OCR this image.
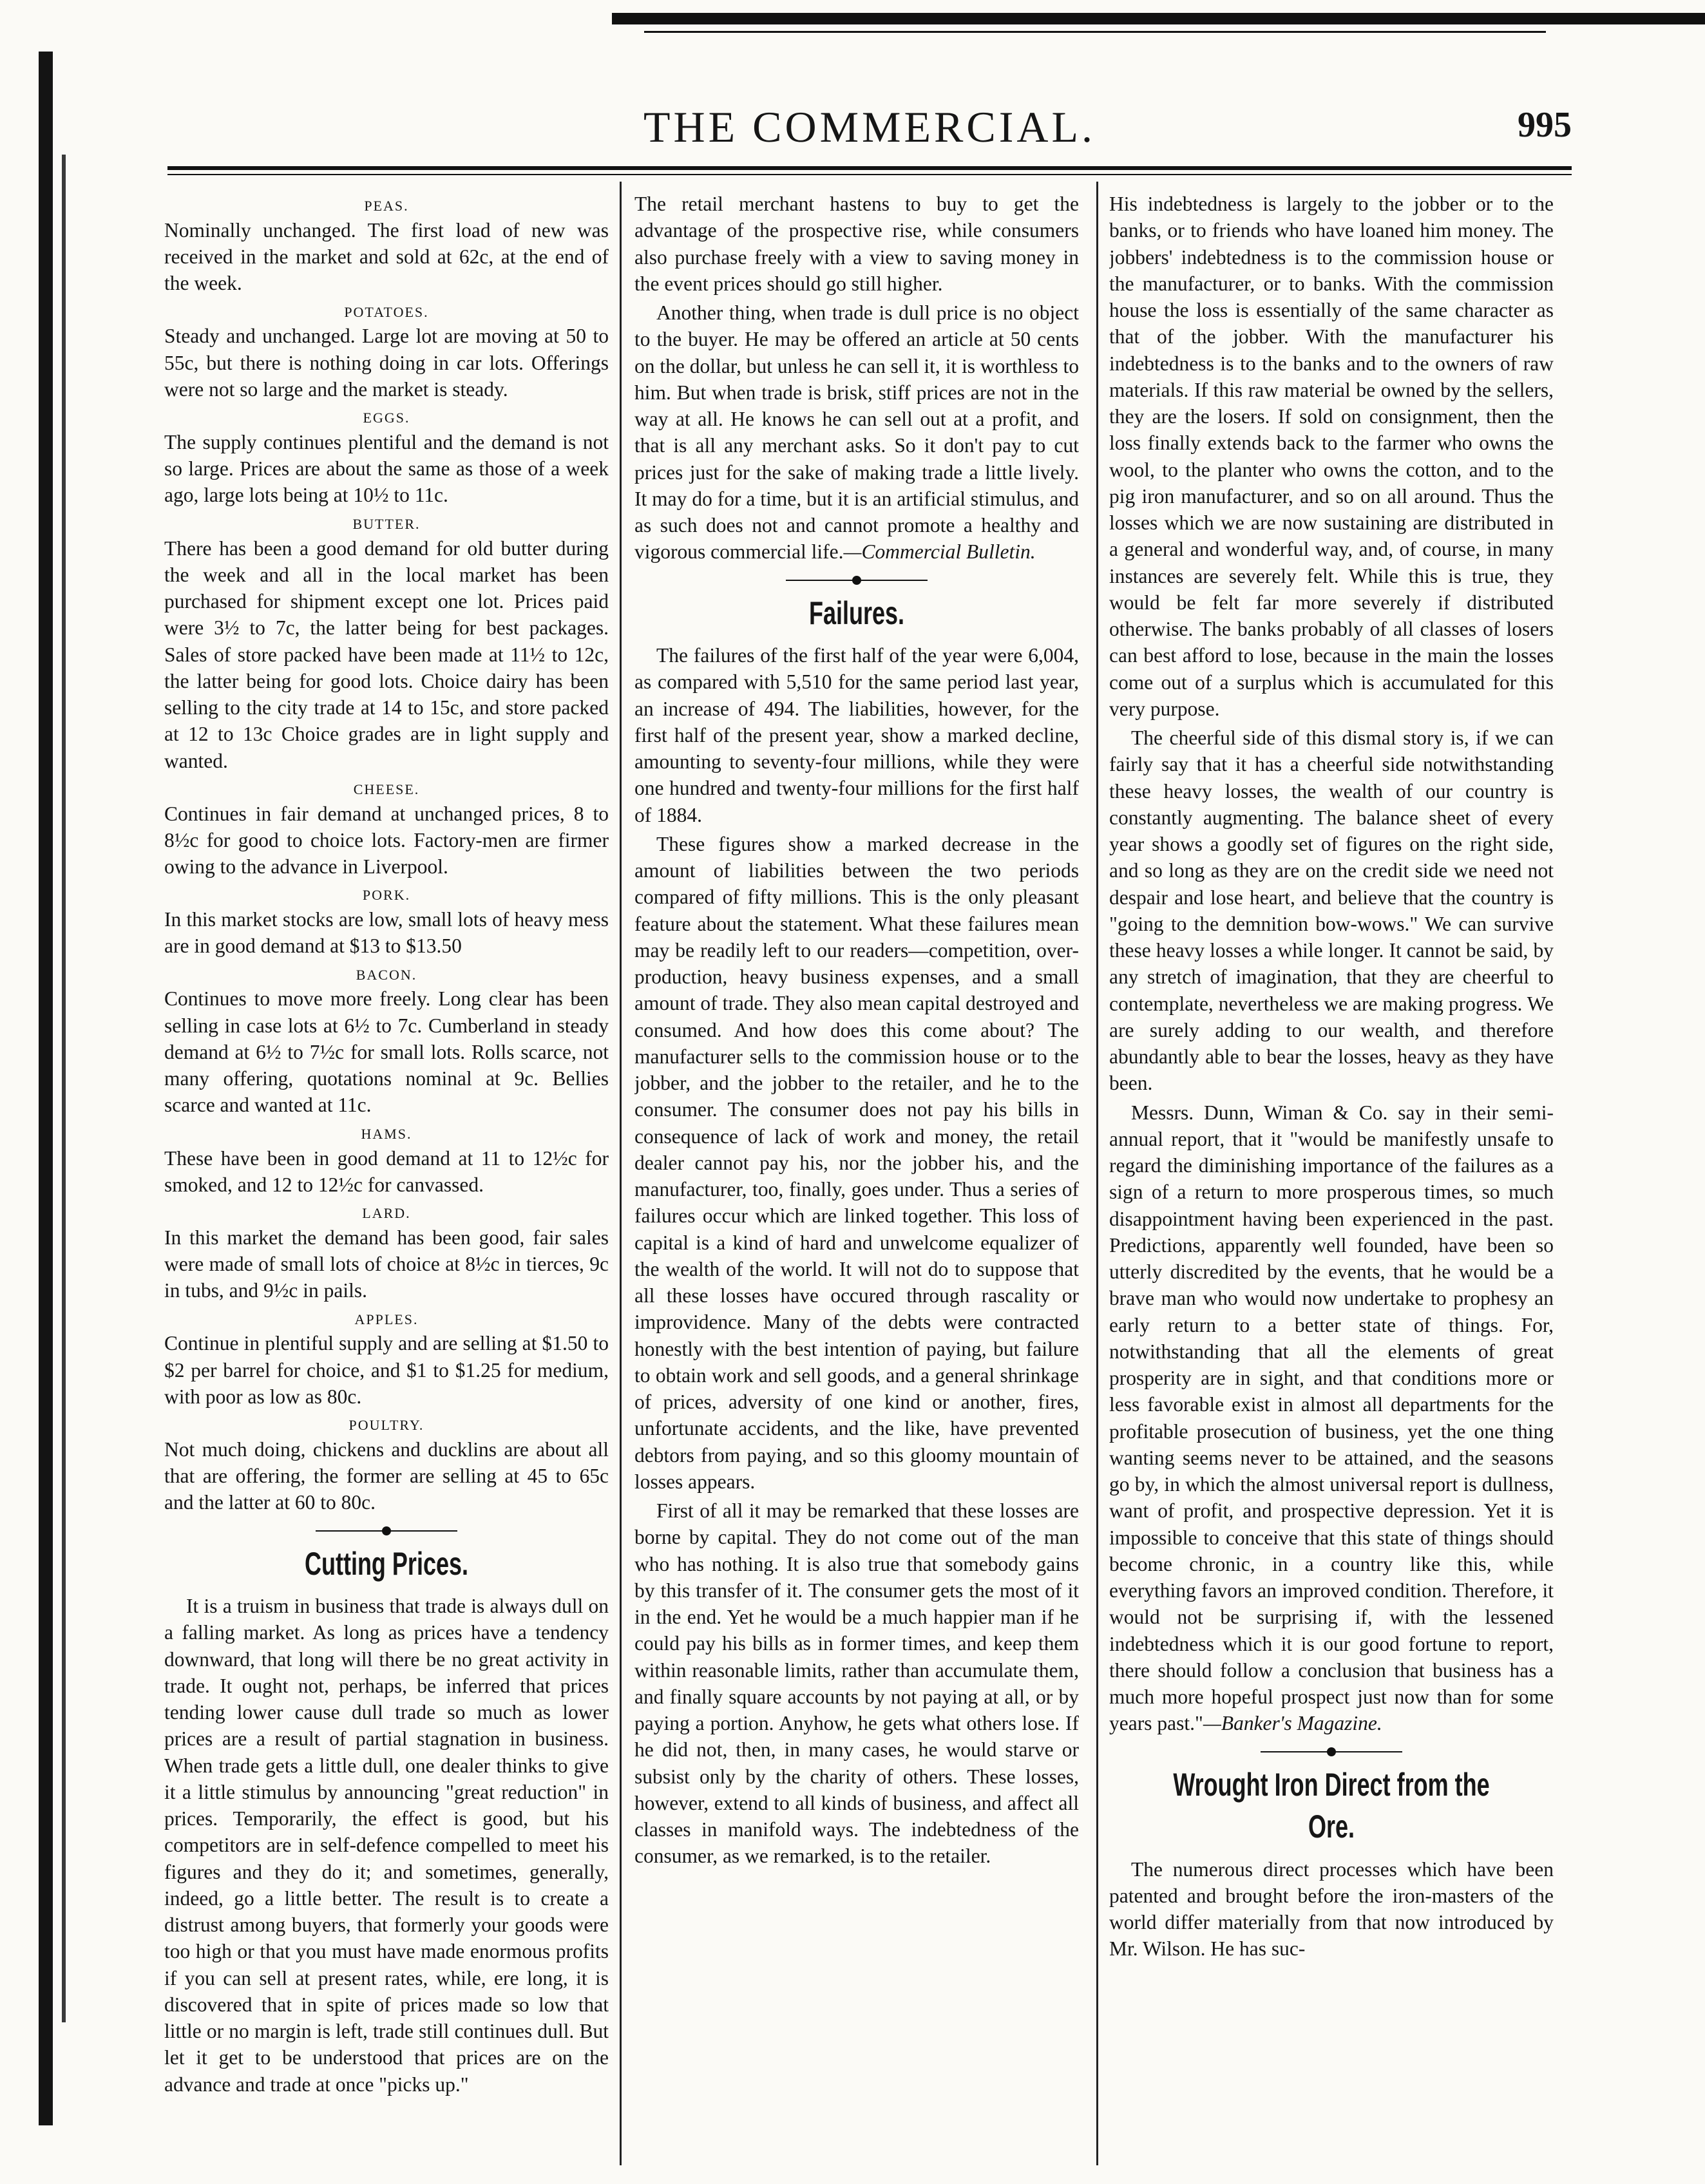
THE COMMERCIAL.	995
PEAS.

Nominally unchanged. The first load of new was received in the market and sold at 62c, at the end of the week.

POTATOES.

Steady and unchanged. Large lot are moving at 50 to 55c, but there is nothing doing in car lots. Offerings were not so large and the market is steady.

EGGS.

The supply continues plentiful and the demand is not so large. Prices are about the same as those of a week ago, large lots being at 10½ to 11c.

BUTTER.

There has been a good demand for old butter during the week and all in the local market has been purchased for shipment except one lot. Prices paid were 3½ to 7c, the latter being for best packages. Sales of store packed have been made at 11½ to 12c, the latter being for good lots. Choice dairy has been selling to the city trade at 14 to 15c, and store packed at 12 to 13c Choice grades are in light supply and wanted.

CHEESE.

Continues in fair demand at unchanged prices, 8 to 8½c for good to choice lots. Factory-men are firmer owing to the advance in Liverpool.

PORK.

In this market stocks are low, small lots of heavy mess are in good demand at $13 to $13.50

BACON.

Continues to move more freely. Long clear has been selling in case lots at 6½ to 7c. Cumberland in steady demand at 6½ to 7½c for small lots. Rolls scarce, not many offering, quotations nominal at 9c. Bellies scarce and wanted at 11c.

HAMS.

These have been in good demand at 11 to 12½c for smoked, and 12 to 12½c for canvassed.

LARD.

In this market the demand has been good, fair sales were made of small lots of choice at 8½c in tierces, 9c in tubs, and 9½c in pails.

APPLES.

Continue in plentiful supply and are selling at $1.50 to $2 per barrel for choice, and $1 to $1.25 for medium, with poor as low as 80c.

POULTRY.

Not much doing, chickens and ducklins are about all that are offering, the former are selling at 45 to 65c and the latter at 60 to 80c.

Cutting Prices.

It is a truism in business that trade is always dull on a falling market. As long as prices have a tendency downward, that long will there be no great activity in trade. It ought not, perhaps, be inferred that prices tending lower cause dull trade so much as lower prices are a result of partial stagnation in business. When trade gets a little dull, one dealer thinks to give it a little stimulus by announcing "great reduction" in prices. Temporarily, the effect is good, but his competitors are in self-defence compelled to meet his figures and they do it; and sometimes, generally, indeed, go a little better. The result is to create a distrust among buyers, that formerly your goods were too high or that you must have made enormous profits if you can sell at present rates, while, ere long, it is discovered that in spite of prices made so low that little or no margin is left, trade still continues dull. But let it get to be understood that prices are on the advance and trade at once "picks up."

The retail merchant hastens to buy to get the advantage of the prospective rise, while consumers also purchase freely with a view to saving money in the event prices should go still higher.

Another thing, when trade is dull price is no object to the buyer. He may be offered an article at 50 cents on the dollar, but unless he can sell it, it is worthless to him. But when trade is brisk, stiff prices are not in the way at all. He knows he can sell out at a profit, and that is all any merchant asks. So it don't pay to cut prices just for the sake of making trade a little lively. It may do for a time, but it is an artificial stimulus, and as such does not and cannot promote a healthy and vigorous commercial life.—Commercial Bulletin.

Failures.

The failures of the first half of the year were 6,004, as compared with 5,510 for the same period last year, an increase of 494. The liabilities, however, for the first half of the present year, show a marked decline, amounting to seventy-four millions, while they were one hundred and twenty-four millions for the first half of 1884.

These figures show a marked decrease in the amount of liabilities between the two periods compared of fifty millions. This is the only pleasant feature about the statement. What these failures mean may be readily left to our readers—competition, over-production, heavy business expenses, and a small amount of trade. They also mean capital destroyed and consumed. And how does this come about? The manufacturer sells to the commission house or to the jobber, and the jobber to the retailer, and he to the consumer. The consumer does not pay his bills in consequence of lack of work and money, the retail dealer cannot pay his, nor the jobber his, and the manufacturer, too, finally, goes under. Thus a series of failures occur which are linked together. This loss of capital is a kind of hard and unwelcome equalizer of the wealth of the world. It will not do to suppose that all these losses have occured through rascality or improvidence. Many of the debts were contracted honestly with the best intention of paying, but failure to obtain work and sell goods, and a general shrinkage of prices, adversity of one kind or another, fires, unfortunate accidents, and the like, have prevented debtors from paying, and so this gloomy mountain of losses appears.

First of all it may be remarked that these losses are borne by capital. They do not come out of the man who has nothing. It is also true that somebody gains by this transfer of it. The consumer gets the most of it in the end. Yet he would be a much happier man if he could pay his bills as in former times, and keep them within reasonable limits, rather than accumulate them, and finally square accounts by not paying at all, or by paying a portion. Anyhow, he gets what others lose. If he did not, then, in many cases, he would starve or subsist only by the charity of others. These losses, however, extend to all kinds of business, and affect all classes in manifold ways. The indebtedness of the consumer, as we remarked, is to the retailer.

His indebtedness is largely to the jobber or to the banks, or to friends who have loaned him money. The jobbers' indebtedness is to the commission house or the manufacturer, or to banks. With the commission house the loss is essentially of the same character as that of the jobber. With the manufacturer his indebtedness is to the banks and to the owners of raw materials. If this raw material be owned by the sellers, they are the losers. If sold on consignment, then the loss finally extends back to the farmer who owns the wool, to the planter who owns the cotton, and to the pig iron manufacturer, and so on all around. Thus the losses which we are now sustaining are distributed in a general and wonderful way, and, of course, in many instances are severely felt. While this is true, they would be felt far more severely if distributed otherwise. The banks probably of all classes of losers can best afford to lose, because in the main the losses come out of a surplus which is accumulated for this very purpose.

The cheerful side of this dismal story is, if we can fairly say that it has a cheerful side notwithstanding these heavy losses, the wealth of our country is constantly augmenting. The balance sheet of every year shows a goodly set of figures on the right side, and so long as they are on the credit side we need not despair and lose heart, and believe that the country is "going to the demnition bow-wows." We can survive these heavy losses a while longer. It cannot be said, by any stretch of imagination, that they are cheerful to contemplate, nevertheless we are making progress. We are surely adding to our wealth, and therefore abundantly able to bear the losses, heavy as they have been.

Messrs. Dunn, Wiman & Co. say in their semi-annual report, that it "would be manifestly unsafe to regard the diminishing importance of the failures as a sign of a return to more prosperous times, so much disappointment having been experienced in the past. Predictions, apparently well founded, have been so utterly discredited by the events, that he would be a brave man who would now undertake to prophesy an early return to a better state of things. For, notwithstanding that all the elements of great prosperity are in sight, and that conditions more or less favorable exist in almost all departments for the profitable prosecution of business, yet the one thing wanting seems never to be attained, and the seasons go by, in which the almost universal report is dullness, want of profit, and prospective depression. Yet it is impossible to conceive that this state of things should become chronic, in a country like this, while everything favors an improved condition. Therefore, it would not be surprising if, with the lessened indebtedness which it is our good fortune to report, there should follow a conclusion that business has a much more hopeful prospect just now than for some years past."—Banker's Magazine.

Wrought Iron Direct from the Ore.

The numerous direct processes which have been patented and brought before the iron-masters of the world differ materially from that now introduced by Mr. Wilson. He has suc-
